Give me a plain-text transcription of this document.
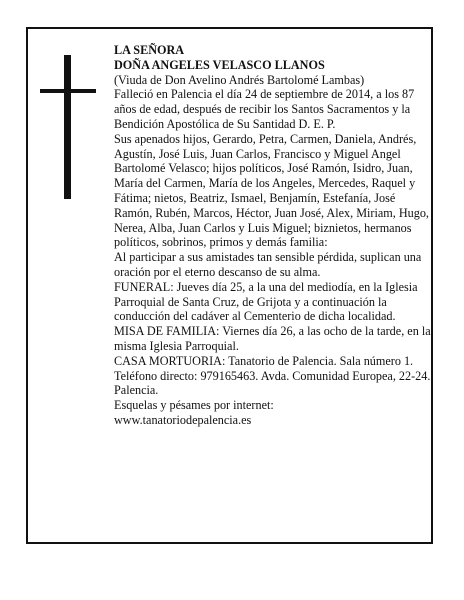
LA SEÑORA

DOÑA ANGELES VELASCO LLANOS

(Viuda de Don Avelino Andrés Bartolomé Lambas)

Falleció en Palencia el día 24 de septiembre de 2014, a los 87 años de edad, después de recibir los Santos Sacramentos y la Bendición Apostólica de Su Santidad D. E. P.

Sus apenados hijos, Gerardo, Petra, Carmen, Daniela, Andrés, Agustín, José Luis, Juan Carlos, Francisco y Miguel Angel Bartolomé Velasco; hijos políticos, José Ramón, Isidro, Juan, María del Carmen, María de los Angeles, Mercedes, Raquel y Fátima; nietos, Beatriz, Ismael, Benjamín, Estefanía, José Ramón, Rubén, Marcos, Héctor, Juan José, Alex, Miriam, Hugo, Nerea, Alba, Juan Carlos y Luis Miguel; biznietos, hermanos políticos, sobrinos, primos y demás familia:

Al participar a sus amistades tan sensible pérdida, suplican una oración por el eterno descanso de su alma.

FUNERAL: Jueves día 25, a la una del mediodía, en la Iglesia Parroquial de Santa Cruz, de Grijota y a continuación la conducción del cadáver al Cementerio de dicha localidad.

MISA DE FAMILIA: Viernes día 26, a las ocho de la tarde, en la misma Iglesia Parroquial.

CASA MORTUORIA: Tanatorio de Palencia. Sala número 1. Teléfono directo: 979165463. Avda. Comunidad Europea, 22-24. Palencia.

Esquelas y pésames por internet:

www.tanatoriodepalencia.es
